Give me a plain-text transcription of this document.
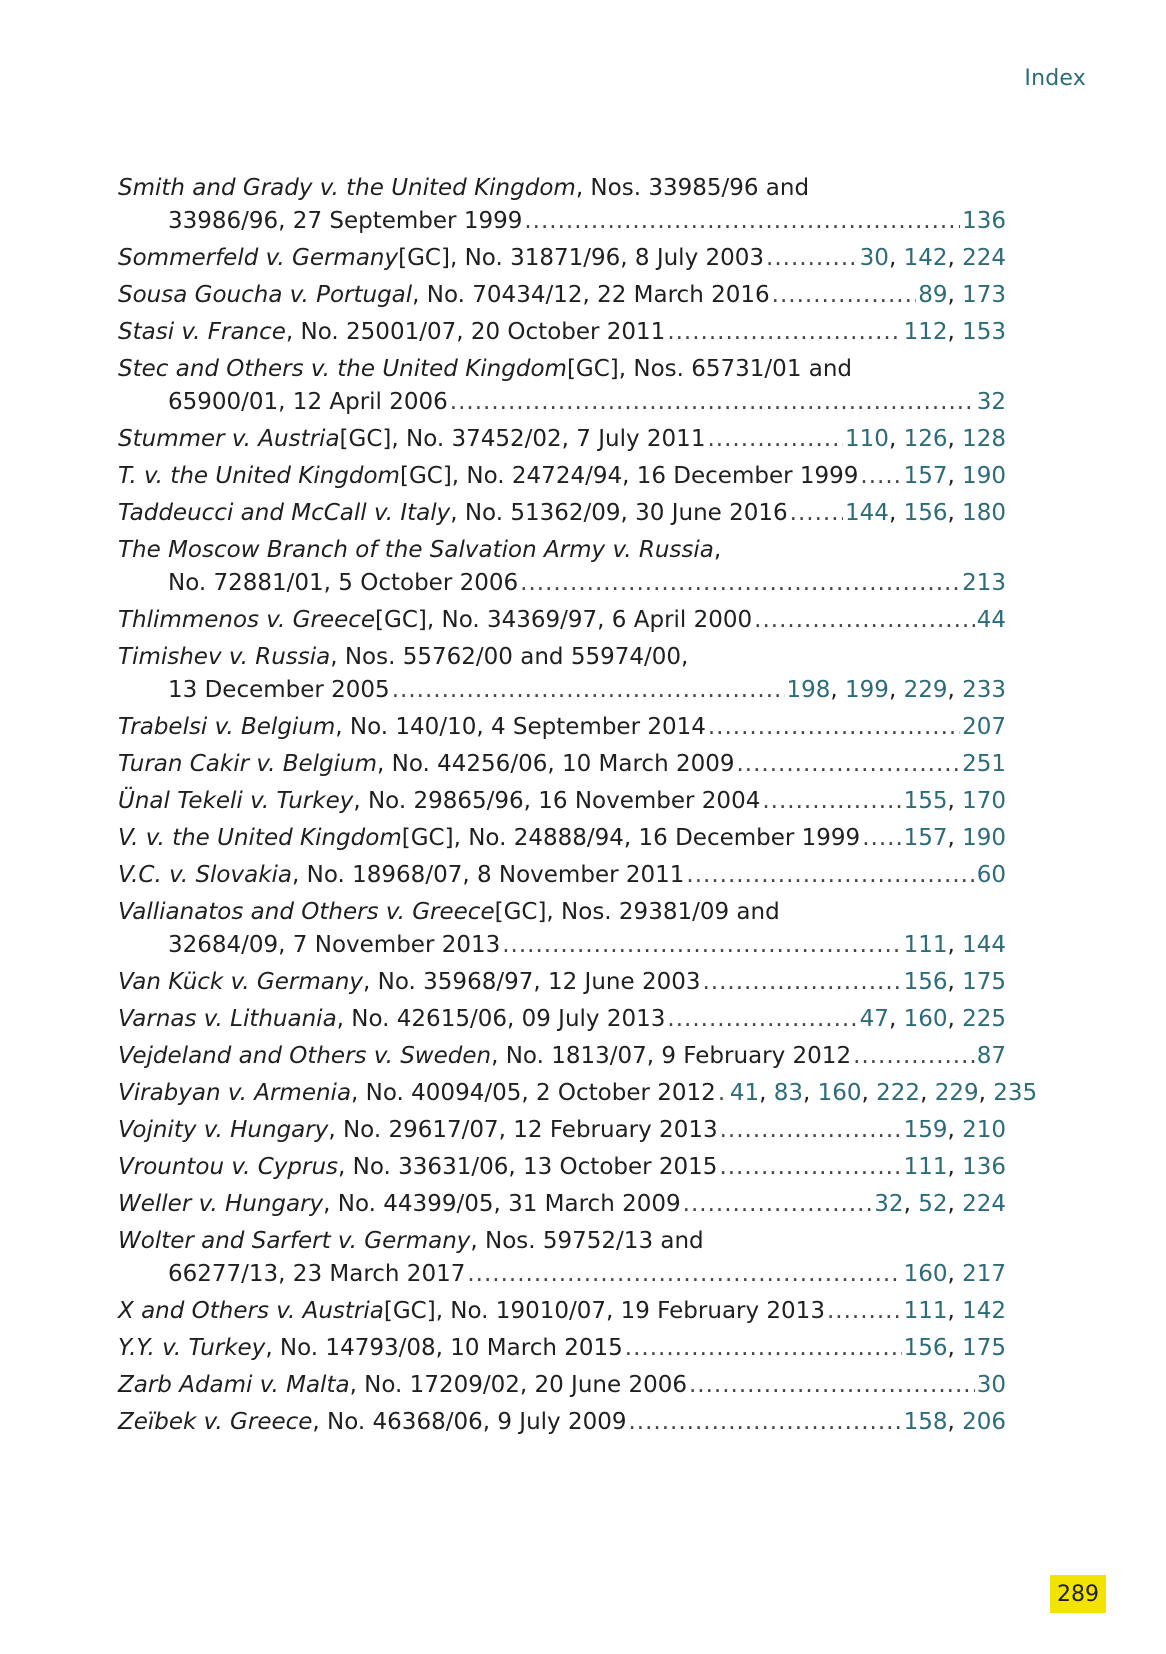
Index
Smith and Grady v. the United Kingdom , Nos. 33985/96 and
33986/96, 27 September 1999 .....	136
Sommerfeld v. Germany [GC], No. 31871/96, 8 July 2003 .....	30, 142, 224
Sousa Goucha v. Portugal , No. 70434/12, 22 March 2016 .....	89, 173
Stasi v. France , No. 25001/07, 20 October 2011 .....	112, 153
Stec and Others v. the United Kingdom [GC], Nos. 65731/01 and
65900/01, 12 April 2006 .....	32
Stummer v. Austria [GC], No. 37452/02, 7 July 2011 .....	110, 126, 128
T. v. the United Kingdom [GC], No. 24724/94, 16 December 1999 ..... 157, 190
Taddeucci and McCall v. Italy , No. 51362/09, 30 June 2016 ..... 144, 156, 180
The Moscow Branch of the Salvation Army v. Russia ,
No. 72881/01, 5 October 2006 .....	213
Thlimmenos v. Greece [GC], No. 34369/97, 6 April 2000 .....	44
Timishev v. Russia , Nos. 55762/00 and 55974/00,
13 December 2005 .....	198, 199, 229, 233
Trabelsi v. Belgium , No. 140/10, 4 September 2014 .....	207
Turan Cakir v. Belgium , No. 44256/06, 10 March 2009 .....	251
Ünal Tekeli v. Turkey , No. 29865/96, 16 November 2004 .....	155, 170
V. v. the United Kingdom [GC], No. 24888/94, 16 December 1999 ..... 157, 190
V.C. v. Slovakia , No. 18968/07, 8 November 2011 .....	60
Vallianatos and Others v. Greece [GC], Nos. 29381/09 and
32684/09, 7 November 2013 .....	111, 144
Van Kück v. Germany , No. 35968/97, 12 June 2003 .....	156, 175
Varnas v. Lithuania , No. 42615/06, 09 July 2013 .....	47, 160, 225
Vejdeland and Others v. Sweden , No. 1813/07, 9 February 2012 .....	87
Virabyan v. Armenia , No. 40094/05, 2 October 2012 ..... 41, 83, 160, 222, 229, 235
Vojnity v. Hungary , No. 29617/07, 12 February 2013 .....	159, 210
Vrountou v. Cyprus , No. 33631/06, 13 October 2015 .....	111, 136
Weller v. Hungary , No. 44399/05, 31 March 2009 .....	32, 52, 224
Wolter and Sarfert v. Germany , Nos. 59752/13 and
66277/13, 23 March 2017 .....	160, 217
X and Others v. Austria [GC], No. 19010/07, 19 February 2013 .....	111, 142
Y.Y. v. Turkey , No. 14793/08, 10 March 2015 .....	156, 175
Zarb Adami v. Malta , No. 17209/02, 20 June 2006 .....	30
Zeïbek v. Greece , No. 46368/06, 9 July 2009 .....	158, 206
289
